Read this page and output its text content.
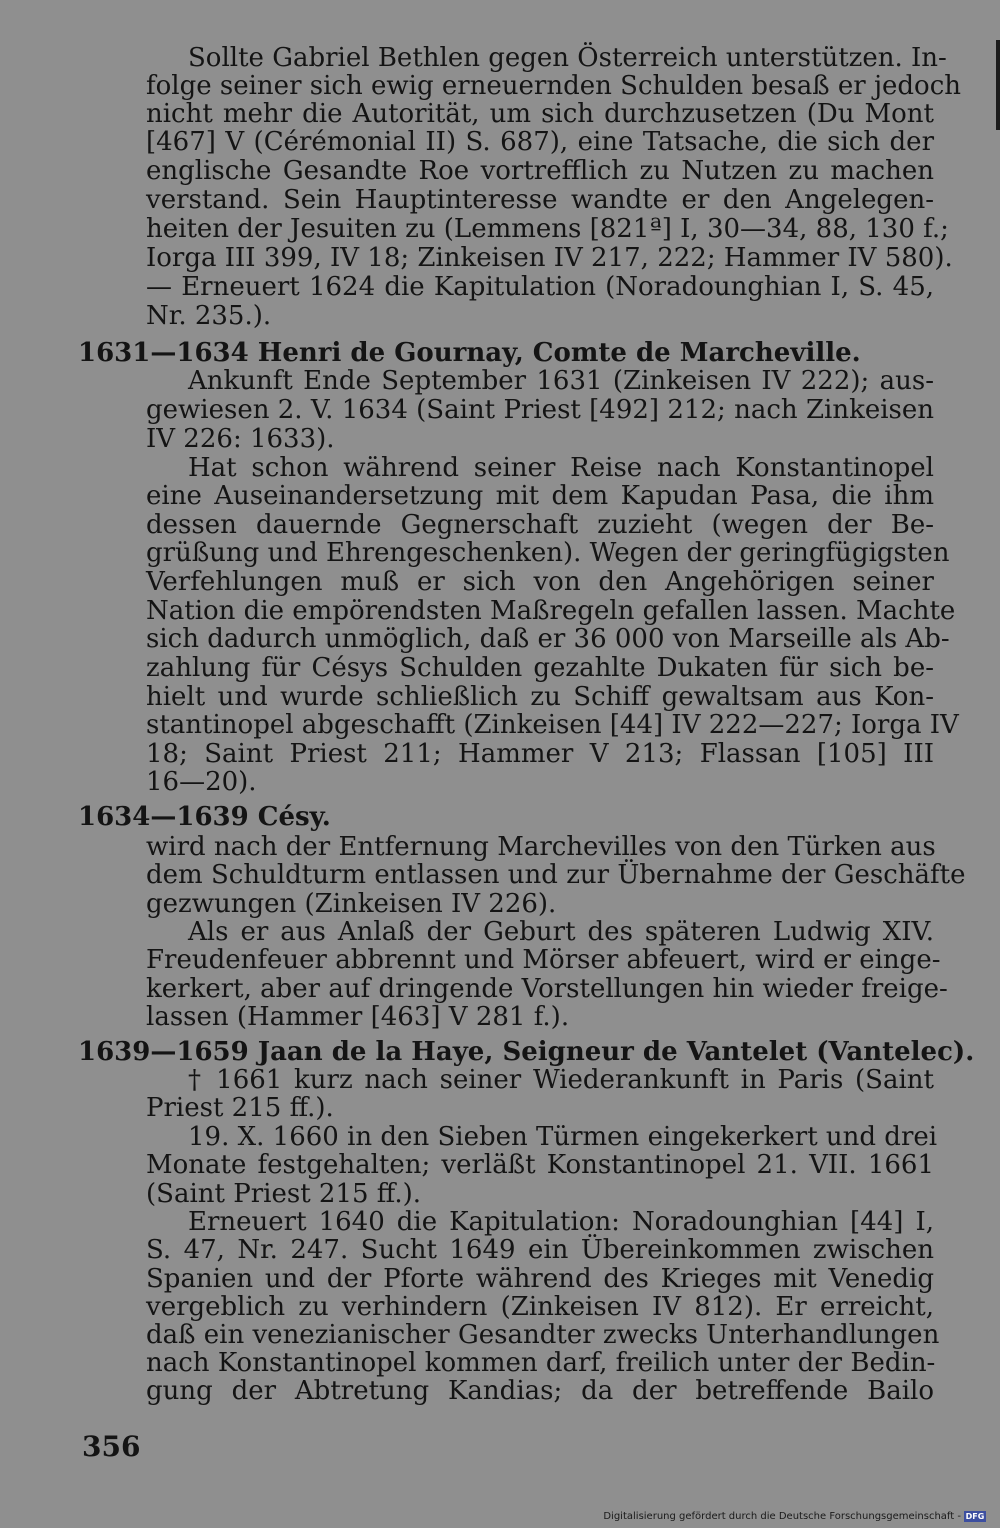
Sollte Gabriel Bethlen gegen Österreich unterstützen. In-
folge seiner sich ewig erneuernden Schulden besaß er jedoch
nicht mehr die Autorität, um sich durchzusetzen (Du Mont
[467] V (Cérémonial II) S. 687), eine Tatsache, die sich der
englische Gesandte Roe vortrefflich zu Nutzen zu machen
verstand. Sein Hauptinteresse wandte er den Angelegen-
heiten der Jesuiten zu (Lemmens [821ª] I, 30—34, 88, 130 f.;
Iorga III 399, IV 18; Zinkeisen IV 217, 222; Hammer IV 580).
— Erneuert 1624 die Kapitulation (Noradounghian I, S. 45,
Nr. 235.).
1631—1634 Henri de Gournay, Comte de Marcheville.
Ankunft Ende September 1631 (Zinkeisen IV 222); aus-
gewiesen 2. V. 1634 (Saint Priest [492] 212; nach Zinkeisen
IV 226: 1633).
Hat schon während seiner Reise nach Konstantinopel
eine Auseinandersetzung mit dem Kapudan Pasa, die ihm
dessen dauernde Gegnerschaft zuzieht (wegen der Be-
grüßung und Ehrengeschenken). Wegen der geringfügigsten
Verfehlungen muß er sich von den Angehörigen seiner
Nation die empörendsten Maßregeln gefallen lassen. Machte
sich dadurch unmöglich, daß er 36 000 von Marseille als Ab-
zahlung für Césys Schulden gezahlte Dukaten für sich be-
hielt und wurde schließlich zu Schiff gewaltsam aus Kon-
stantinopel abgeschafft (Zinkeisen [44] IV 222—227; Iorga IV
18; Saint Priest 211; Hammer V 213; Flassan [105] III
16—20).
1634—1639 Césy.
wird nach der Entfernung Marchevilles von den Türken aus
dem Schuldturm entlassen und zur Übernahme der Geschäfte
gezwungen (Zinkeisen IV 226).
Als er aus Anlaß der Geburt des späteren Ludwig XIV.
Freudenfeuer abbrennt und Mörser abfeuert, wird er einge-
kerkert, aber auf dringende Vorstellungen hin wieder freige-
lassen (Hammer [463] V 281 f.).
1639—1659 Jaan de la Haye, Seigneur de Vantelet (Vantelec).
† 1661 kurz nach seiner Wiederankunft in Paris (Saint
Priest 215 ff.).
19. X. 1660 in den Sieben Türmen eingekerkert und drei
Monate festgehalten; verläßt Konstantinopel 21. VII. 1661
(Saint Priest 215 ff.).
Erneuert 1640 die Kapitulation: Noradounghian [44] I,
S. 47, Nr. 247. Sucht 1649 ein Übereinkommen zwischen
Spanien und der Pforte während des Krieges mit Venedig
vergeblich zu verhindern (Zinkeisen IV 812). Er erreicht,
daß ein venezianischer Gesandter zwecks Unterhandlungen
nach Konstantinopel kommen darf, freilich unter der Bedin-
gung der Abtretung Kandias; da der betreffende Bailo
356
Digitalisierung gefördert durch die Deutsche Forschungsgemeinschaft - DFG
